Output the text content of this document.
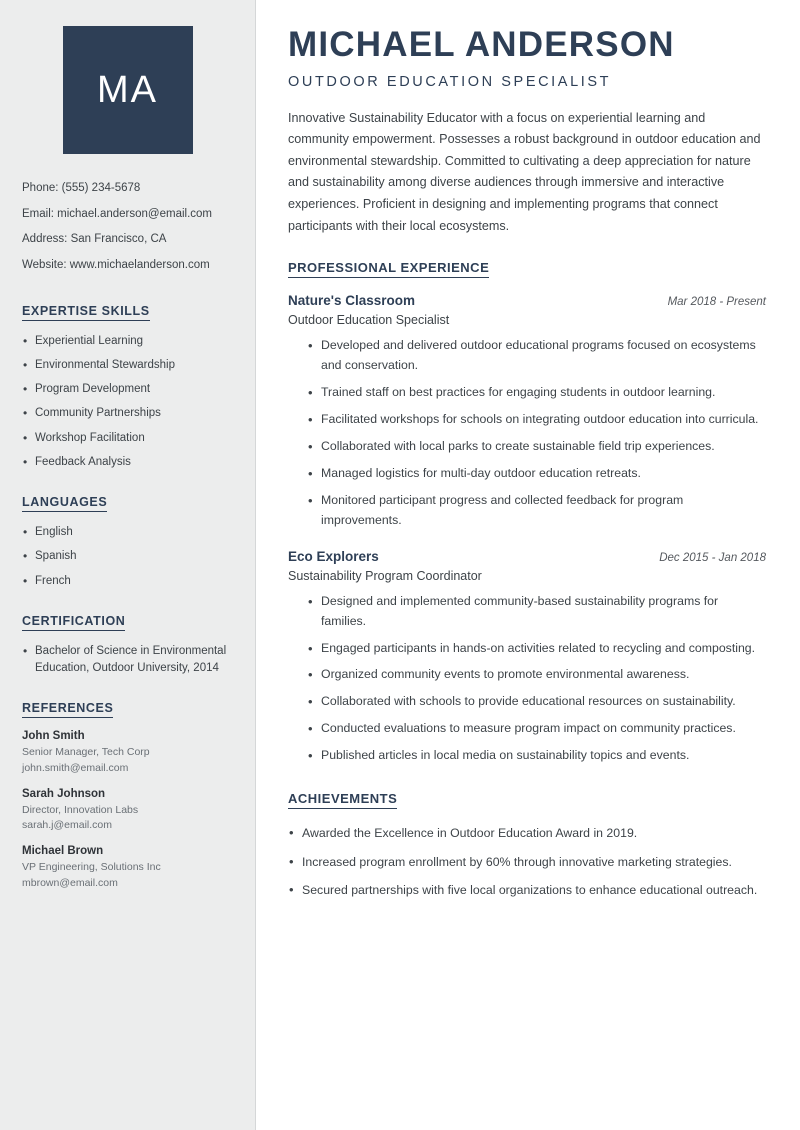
MA
Phone: (555) 234-5678
Email: michael.anderson@email.com
Address: San Francisco, CA
Website: www.michaelanderson.com
EXPERTISE SKILLS
• Experiential Learning
• Environmental Stewardship
• Program Development
• Community Partnerships
• Workshop Facilitation
• Feedback Analysis
LANGUAGES
• English
• Spanish
• French
CERTIFICATION
• Bachelor of Science in Environmental Education, Outdoor University, 2014
REFERENCES
John Smith
Senior Manager, Tech Corp
john.smith@email.com
Sarah Johnson
Director, Innovation Labs
sarah.j@email.com
Michael Brown
VP Engineering, Solutions Inc
mbrown@email.com
MICHAEL ANDERSON
OUTDOOR EDUCATION SPECIALIST

Innovative Sustainability Educator with a focus on experiential learning and community empowerment. Possesses a robust background in outdoor education and environmental stewardship. Committed to cultivating a deep appreciation for nature and sustainability among diverse audiences through immersive and interactive experiences. Proficient in designing and implementing programs that connect participants with their local ecosystems.

PROFESSIONAL EXPERIENCE
Nature's Classroom	Mar 2018 - Present
Outdoor Education Specialist
• Developed and delivered outdoor educational programs focused on ecosystems and conservation.
• Trained staff on best practices for engaging students in outdoor learning.
• Facilitated workshops for schools on integrating outdoor education into curricula.
• Collaborated with local parks to create sustainable field trip experiences.
• Managed logistics for multi-day outdoor education retreats.
• Monitored participant progress and collected feedback for program improvements.
Eco Explorers	Dec 2015 - Jan 2018
Sustainability Program Coordinator
• Designed and implemented community-based sustainability programs for families.
• Engaged participants in hands-on activities related to recycling and composting.
• Organized community events to promote environmental awareness.
• Collaborated with schools to provide educational resources on sustainability.
• Conducted evaluations to measure program impact on community practices.
• Published articles in local media on sustainability topics and events.
ACHIEVEMENTS
• Awarded the Excellence in Outdoor Education Award in 2019.
• Increased program enrollment by 60% through innovative marketing strategies.
• Secured partnerships with five local organizations to enhance educational outreach.
